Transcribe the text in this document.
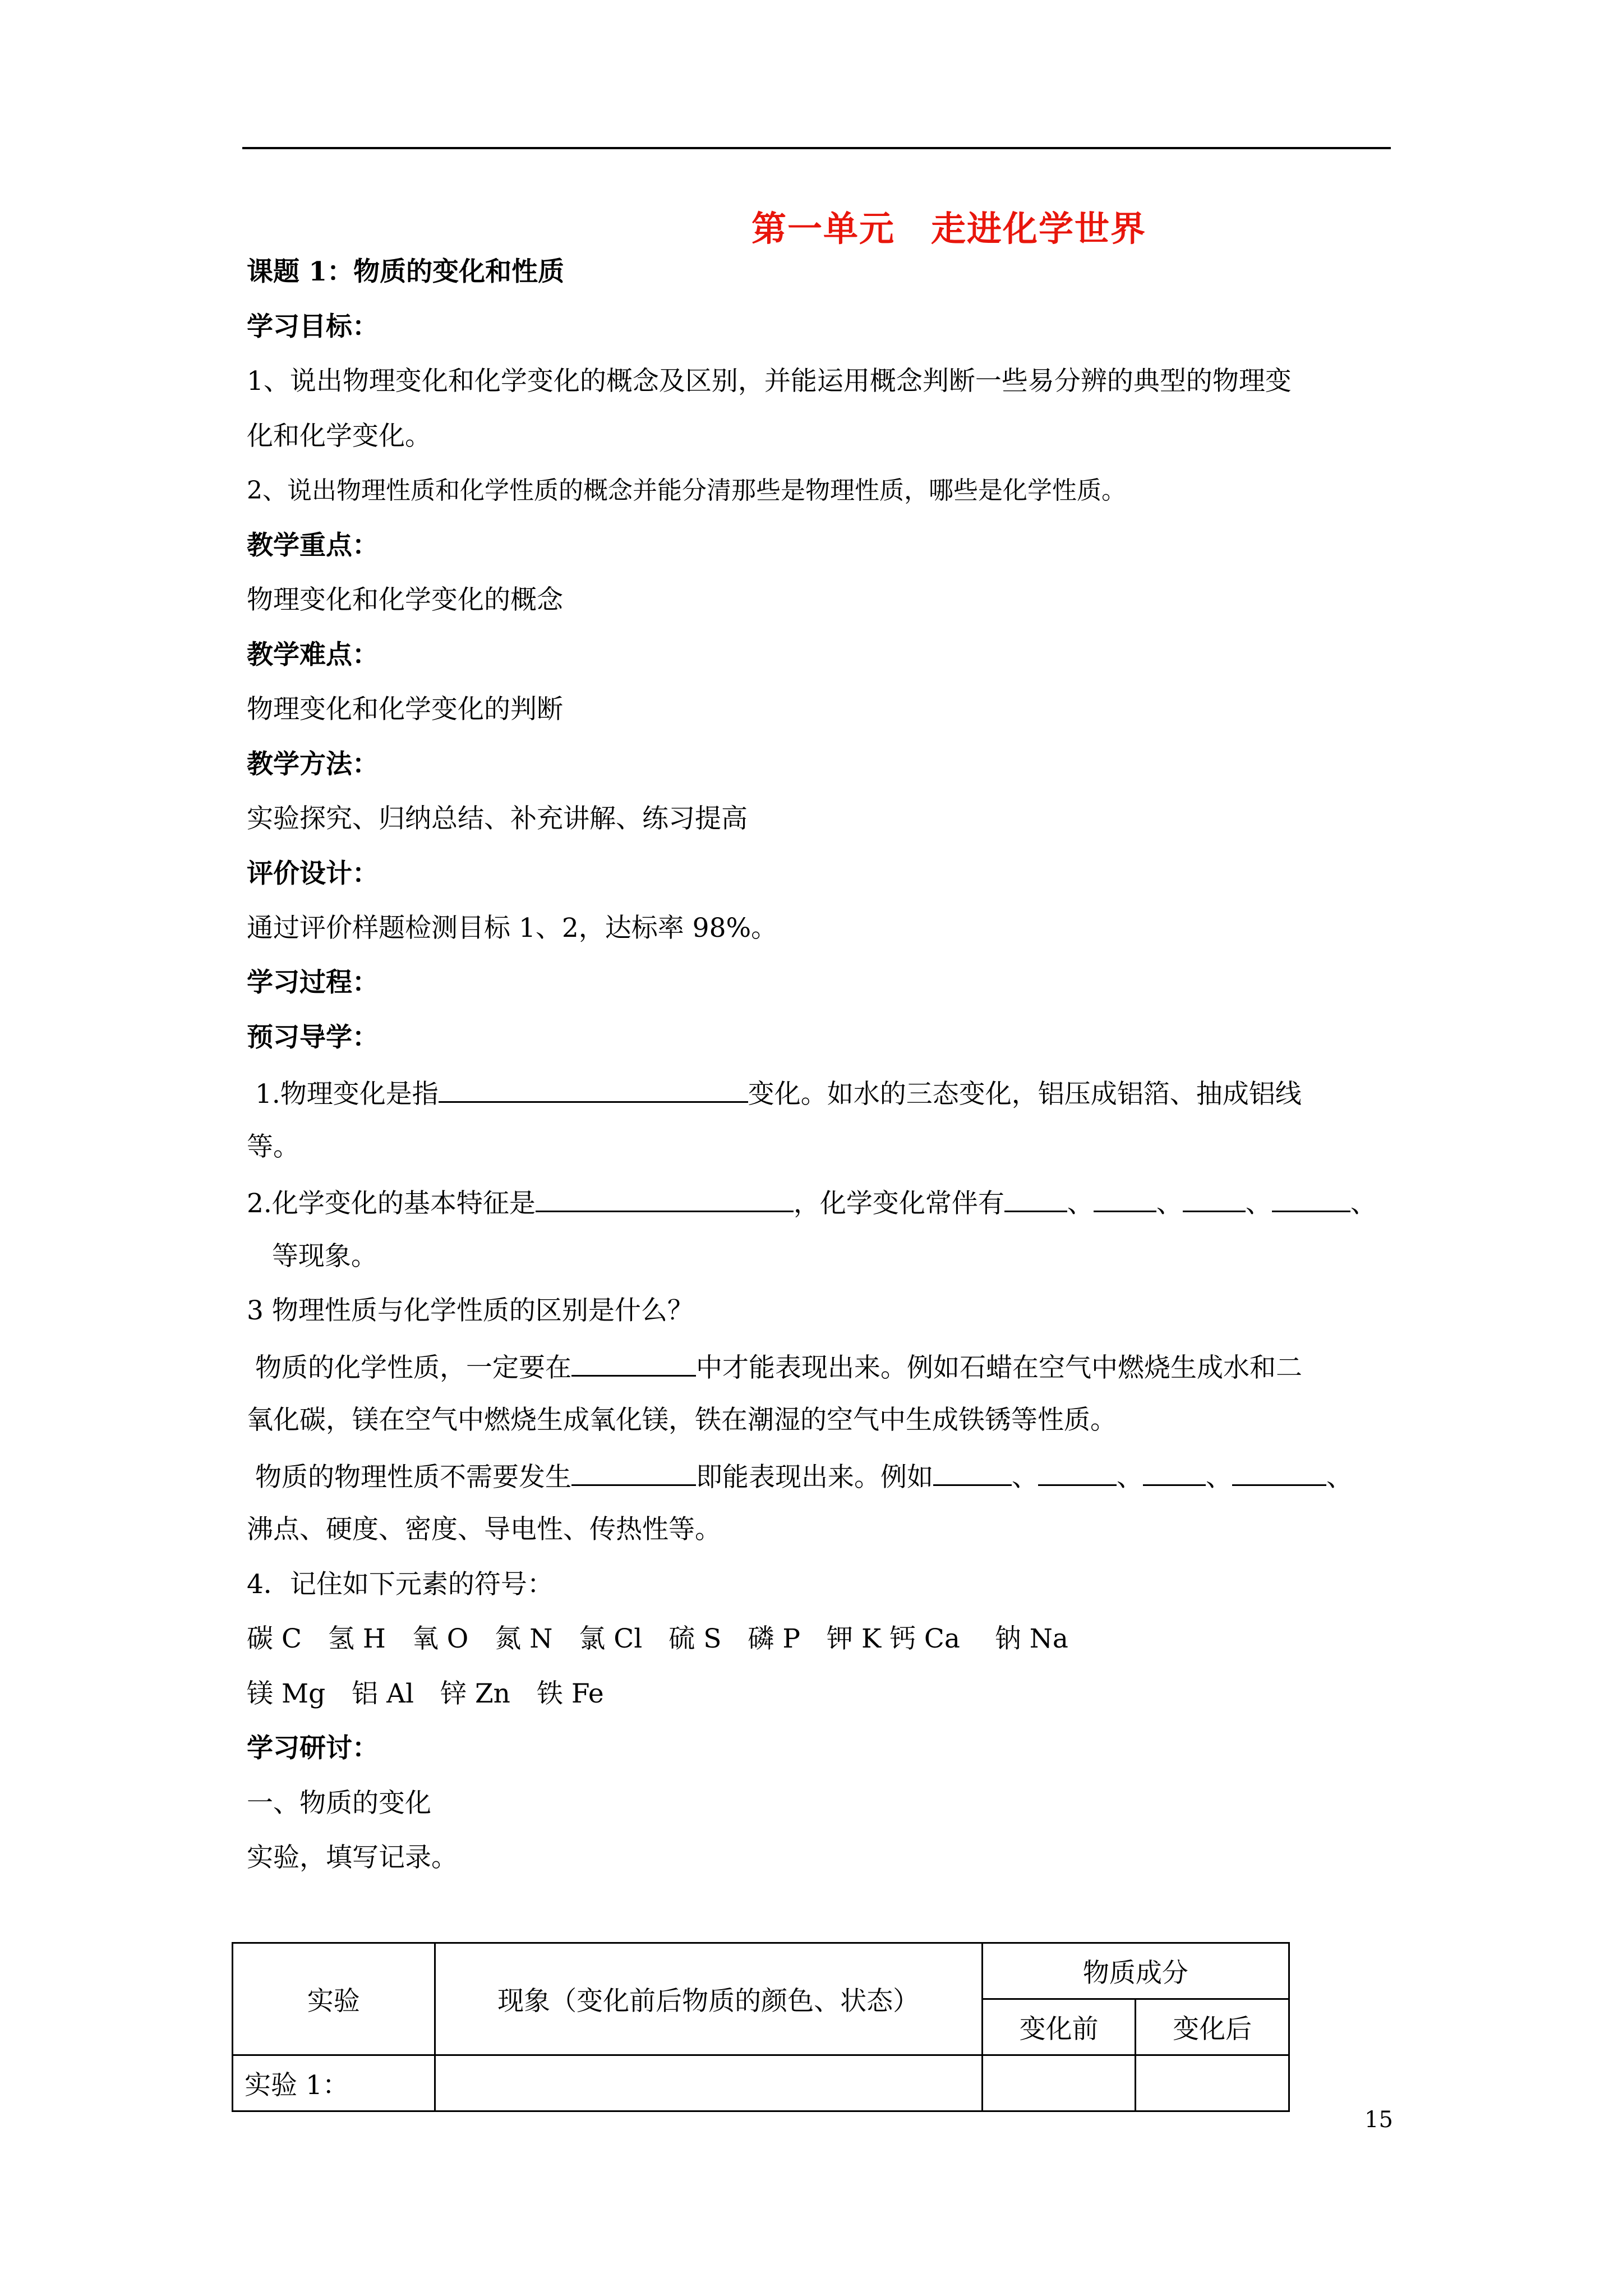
第一单元　走进化学世界
课题 1：物质的变化和性质
学习目标：
1、说出物理变化和化学变化的概念及区别，并能运用概念判断一些易分辨的典型的物理变
化和化学变化。
2、说出物理性质和化学性质的概念并能分清那些是物理性质，哪些是化学性质。
教学重点：
物理变化和化学变化的概念
教学难点：
物理变化和化学变化的判断
教学方法：
实验探究、归纳总结、补充讲解、练习提高
评价设计：
通过评价样题检测目标 1、2，达标率 98%。
学习过程：
预习导学：
1.物理变化是指	变化。如水的三态变化，铝压成铝箔、抽成铝线
等。
2.化学变化的基本特征是	，化学变化常伴有 、 、 、	、
等现象。
3 物理性质与化学性质的区别是什么？
物质的化学性质，一定要在	中才能表现出来。例如石蜡在空气中燃烧生成水和二
氧化碳，镁在空气中燃烧生成氧化镁，铁在潮湿的空气中生成铁锈等性质。
物质的物理性质不需要发生	即能表现出来。例如	、	、 、	、
沸点、硬度、密度、导电性、传热性等。
4．记住如下元素的符号：
碳 C　氢 H　氧 O　氮 N　氯 Cl　硫 S　磷 P　钾 K 钙 Ca　 钠 Na
镁 Mg　铝 Al　锌 Zn　铁 Fe
学习研讨：
一、物质的变化
实验，填写记录。
实验	现象（变化前后物质的颜色、状态）	物质成分	
		变化前	变化后
实验 1：			
15
